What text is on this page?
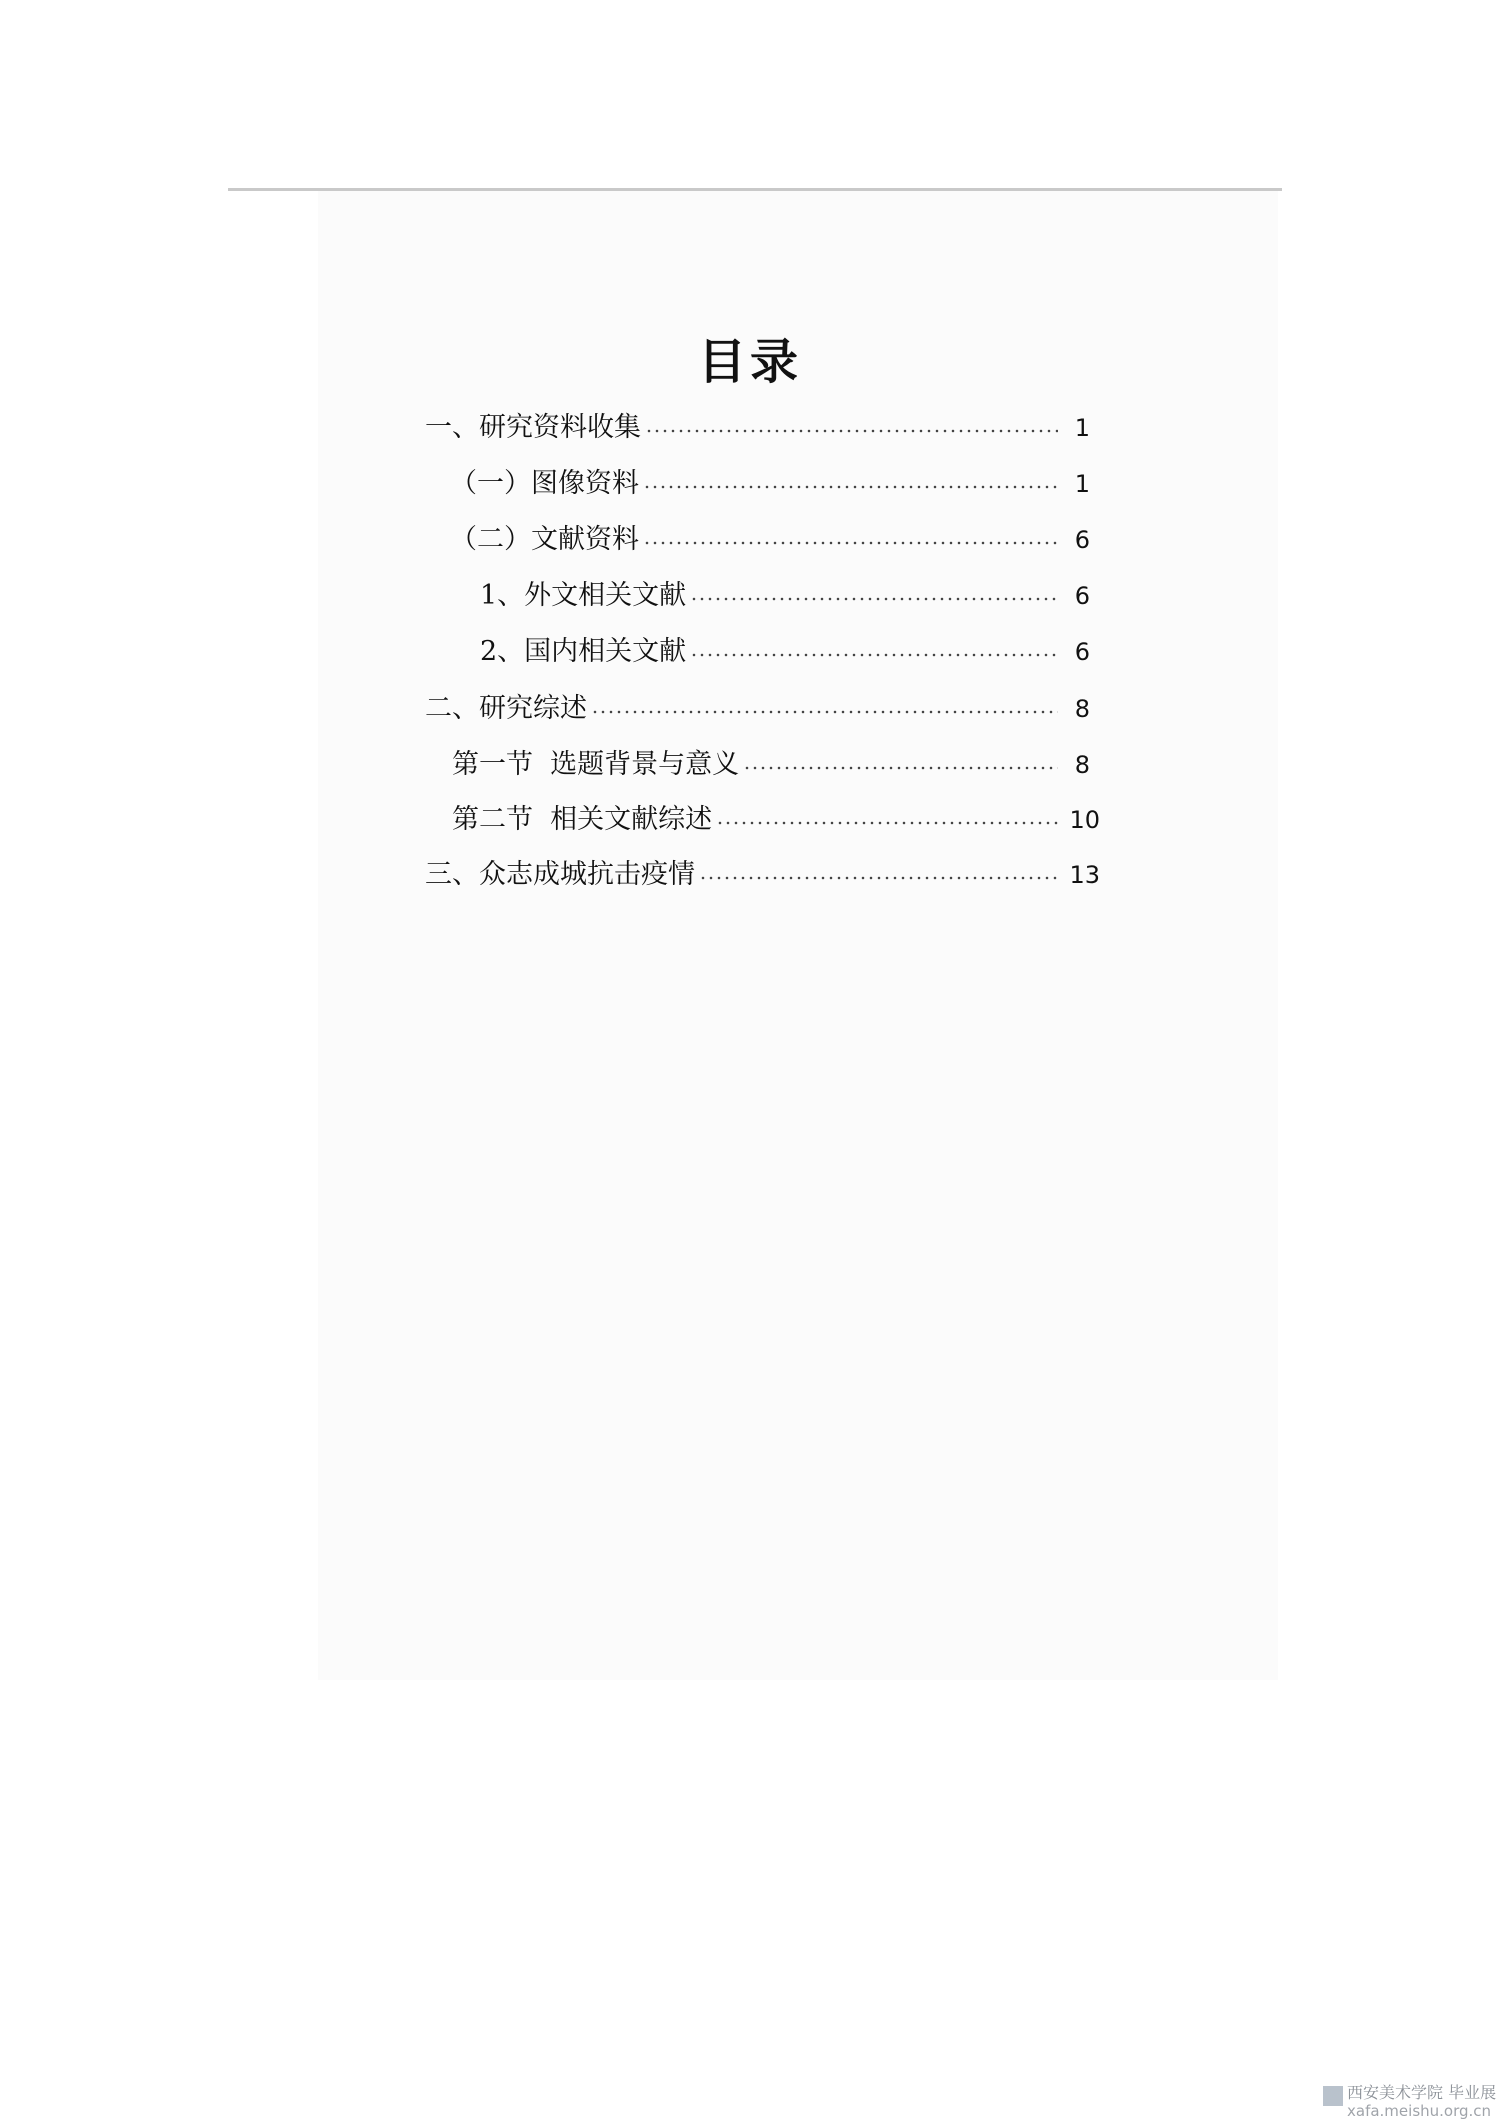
目录
一、研究资料收集	1
（一）图像资料	1
（二）文献资料	6
1、外文相关文献	6
2、国内相关文献	6
二、研究综述	8
第一节  选题背景与意义	8
第二节  相关文献综述	10
三、众志成城抗击疫情	13
西安美术学院 毕业展
xafa.meishu.org.cn
